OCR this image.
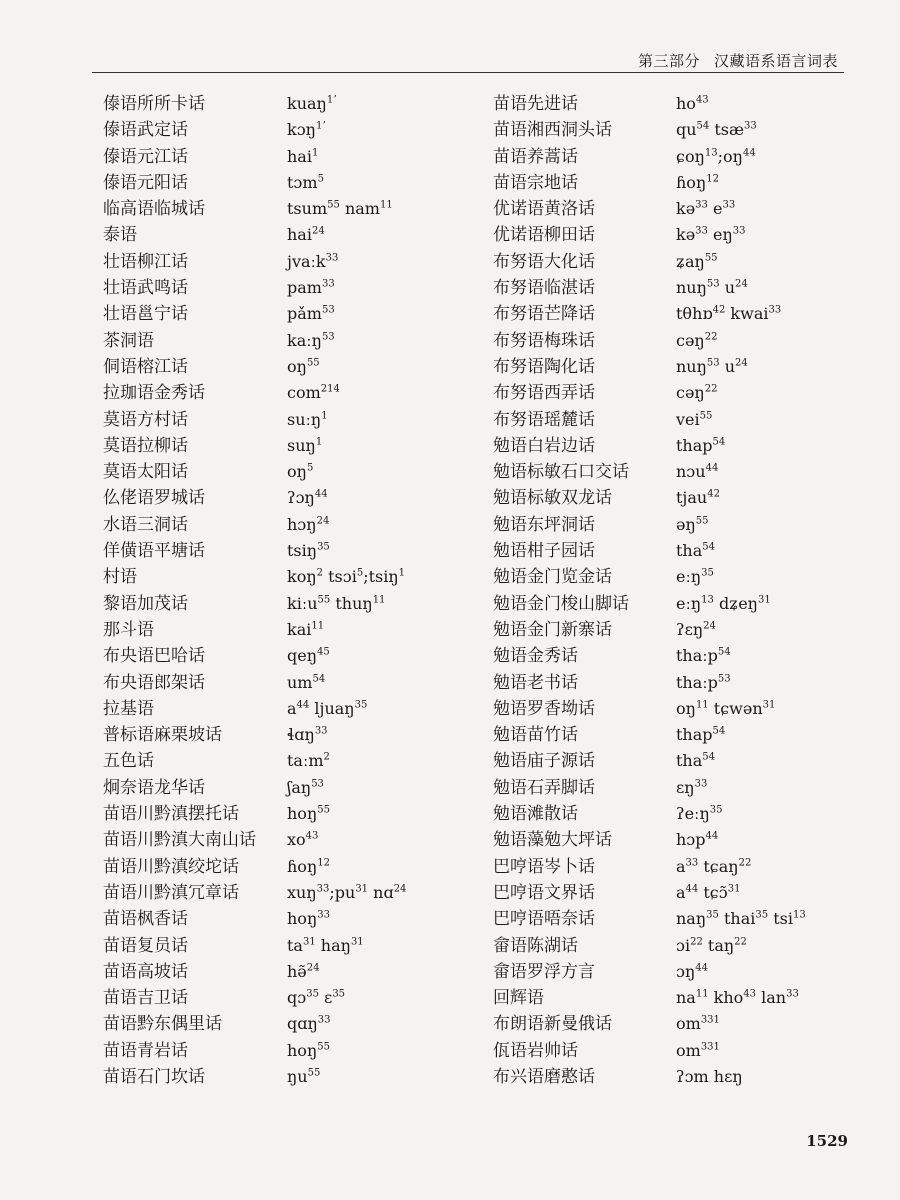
第三部分 汉藏语系语言词表
傣语所所卡话	kuaŋ$^{1ʼ}$
傣语武定话	kɔŋ$^{1ʼ}$
傣语元江话	hai$^1$
傣语元阳话	tɔm$^5$
临高语临城话	tsum$^{55}$ nam$^{11}$
泰语	hai$^{24}$
壮语柳江话	jvaːk$^{33}$
壮语武鸣话	pam$^{33}$
壮语邕宁话	pǎm$^{53}$
茶洞语	kaːŋ$^{53}$
侗语榕江话	$oŋ^{55}$
拉珈语金秀话	com$^{214}$
莫语方村话	suːŋ$^1$
莫语拉柳话	suŋ$^1$
莫语太阳话	$oŋ^5$
仫佬语罗城话	ʔɔŋ$^{44}$
水语三洞话	hɔŋ$^{24}$
佯僙语平塘话	tsiŋ$^{35}$
村语	koŋ$^2$ tsɔi$^5$;tsiŋ$^1$
黎语加茂话	kiːu$^{55}$ thuŋ$^{11}$
那斗语	kai$^{11}$
布央语巴哈话	qeŋ$^{45}$
布央语郎架话	$um^{54}$
拉基语	$a^{44}$ ljuaŋ$^{35}$
普标语麻栗坡话	ɬɑŋ$^{33}$
五色话	taːm$^2$
炯奈语龙华话	ʃaŋ$^{53}$
苗语川黔滇摆托话	hoŋ$^{55}$
苗语川黔滇大南山话 $xo^{43}$
苗语川黔滇绞坨话	ɦoŋ$^{12}$
苗语川黔滇冗章话	$xuŋ^{33};pu^{31}$ nɑ$^{24}$
苗语枫香话	hoŋ$^{33}$
苗语复员话	$ta^{31}$ haŋ$^{31}$
苗语高坡话	hə̃$^{24}$
苗语吉卫话	qɔ$^{35}$ ɛ$^{35}$
苗语黔东偶里话	qɑŋ$^{33}$
苗语青岩话	hoŋ$^{55}$
苗语石门坎话	$ŋu^{55}$
苗语先进话	$ho^{43}$
苗语湘西洞头话	$qu^{54}$ tsæ$^{33}$
苗语养蒿话	$ɕoŋ^{13};oŋ^{44}$
苗语宗地话	ɦoŋ$^{12}$
优诺语黄洛话	kə$^{33}$ $e^{33}$
优诺语柳田话	kə$^{33}$ $eŋ^{33}$
布努语大化话	ʑaŋ$^{55}$
布努语临湛话	nuŋ$^{53}$ $u^{24}$
布努语芒降话	tθhɒ$^{42}$ kwai$^{33}$
布努语梅珠话	cəŋ$^{22}$
布努语陶化话	nuŋ$^{53}$ $u^{24}$
布努语西弄话	cəŋ$^{22}$
布努语瑶麓话	vei$^{55}$
勉语白岩边话	thap$^{54}$
勉语标敏石口交话	nɔu$^{44}$
勉语标敏双龙话	tjau$^{42}$
勉语东坪洞话	əŋ$^{55}$
勉语柑子园话	tha$^{54}$
勉语金门览金话	eːŋ$^{35}$
勉语金门梭山脚话	eːŋ$^{13}$ dʑeŋ$^{31}$
勉语金门新寨话	ʔɛŋ$^{24}$
勉语金秀话	thaːp$^{54}$
勉语老书话	thaːp$^{53}$
勉语罗香坳话	$oŋ^{11}$ tɕwən$^{31}$
勉语苗竹话	thap$^{54}$
勉语庙子源话	tha$^{54}$
勉语石弄脚话	ɛŋ$^{33}$
勉语滩散话	ʔeːŋ$^{35}$
勉语藻勉大坪话	hɔp$^{44}$
巴哼语岑卜话	$a^{33}$ tɕaŋ$^{22}$
巴哼语文界话	$a^{44}$ tɕɔ̃$^{31}$
巴哼语唔奈话	naŋ$^{35}$ thai$^{35}$ tsi$^{13}$
畲语陈湖话	ɔi$^{22}$ taŋ$^{22}$
畲语罗浮方言	ɔŋ$^{44}$
回辉语	$na^{11}$ kho$^{43}$ lan$^{33}$
布朗语新曼俄话	$om^{331}$
佤语岩帅话	$om^{331}$
布兴语磨憨话	ʔɔm hɛŋ
1529
